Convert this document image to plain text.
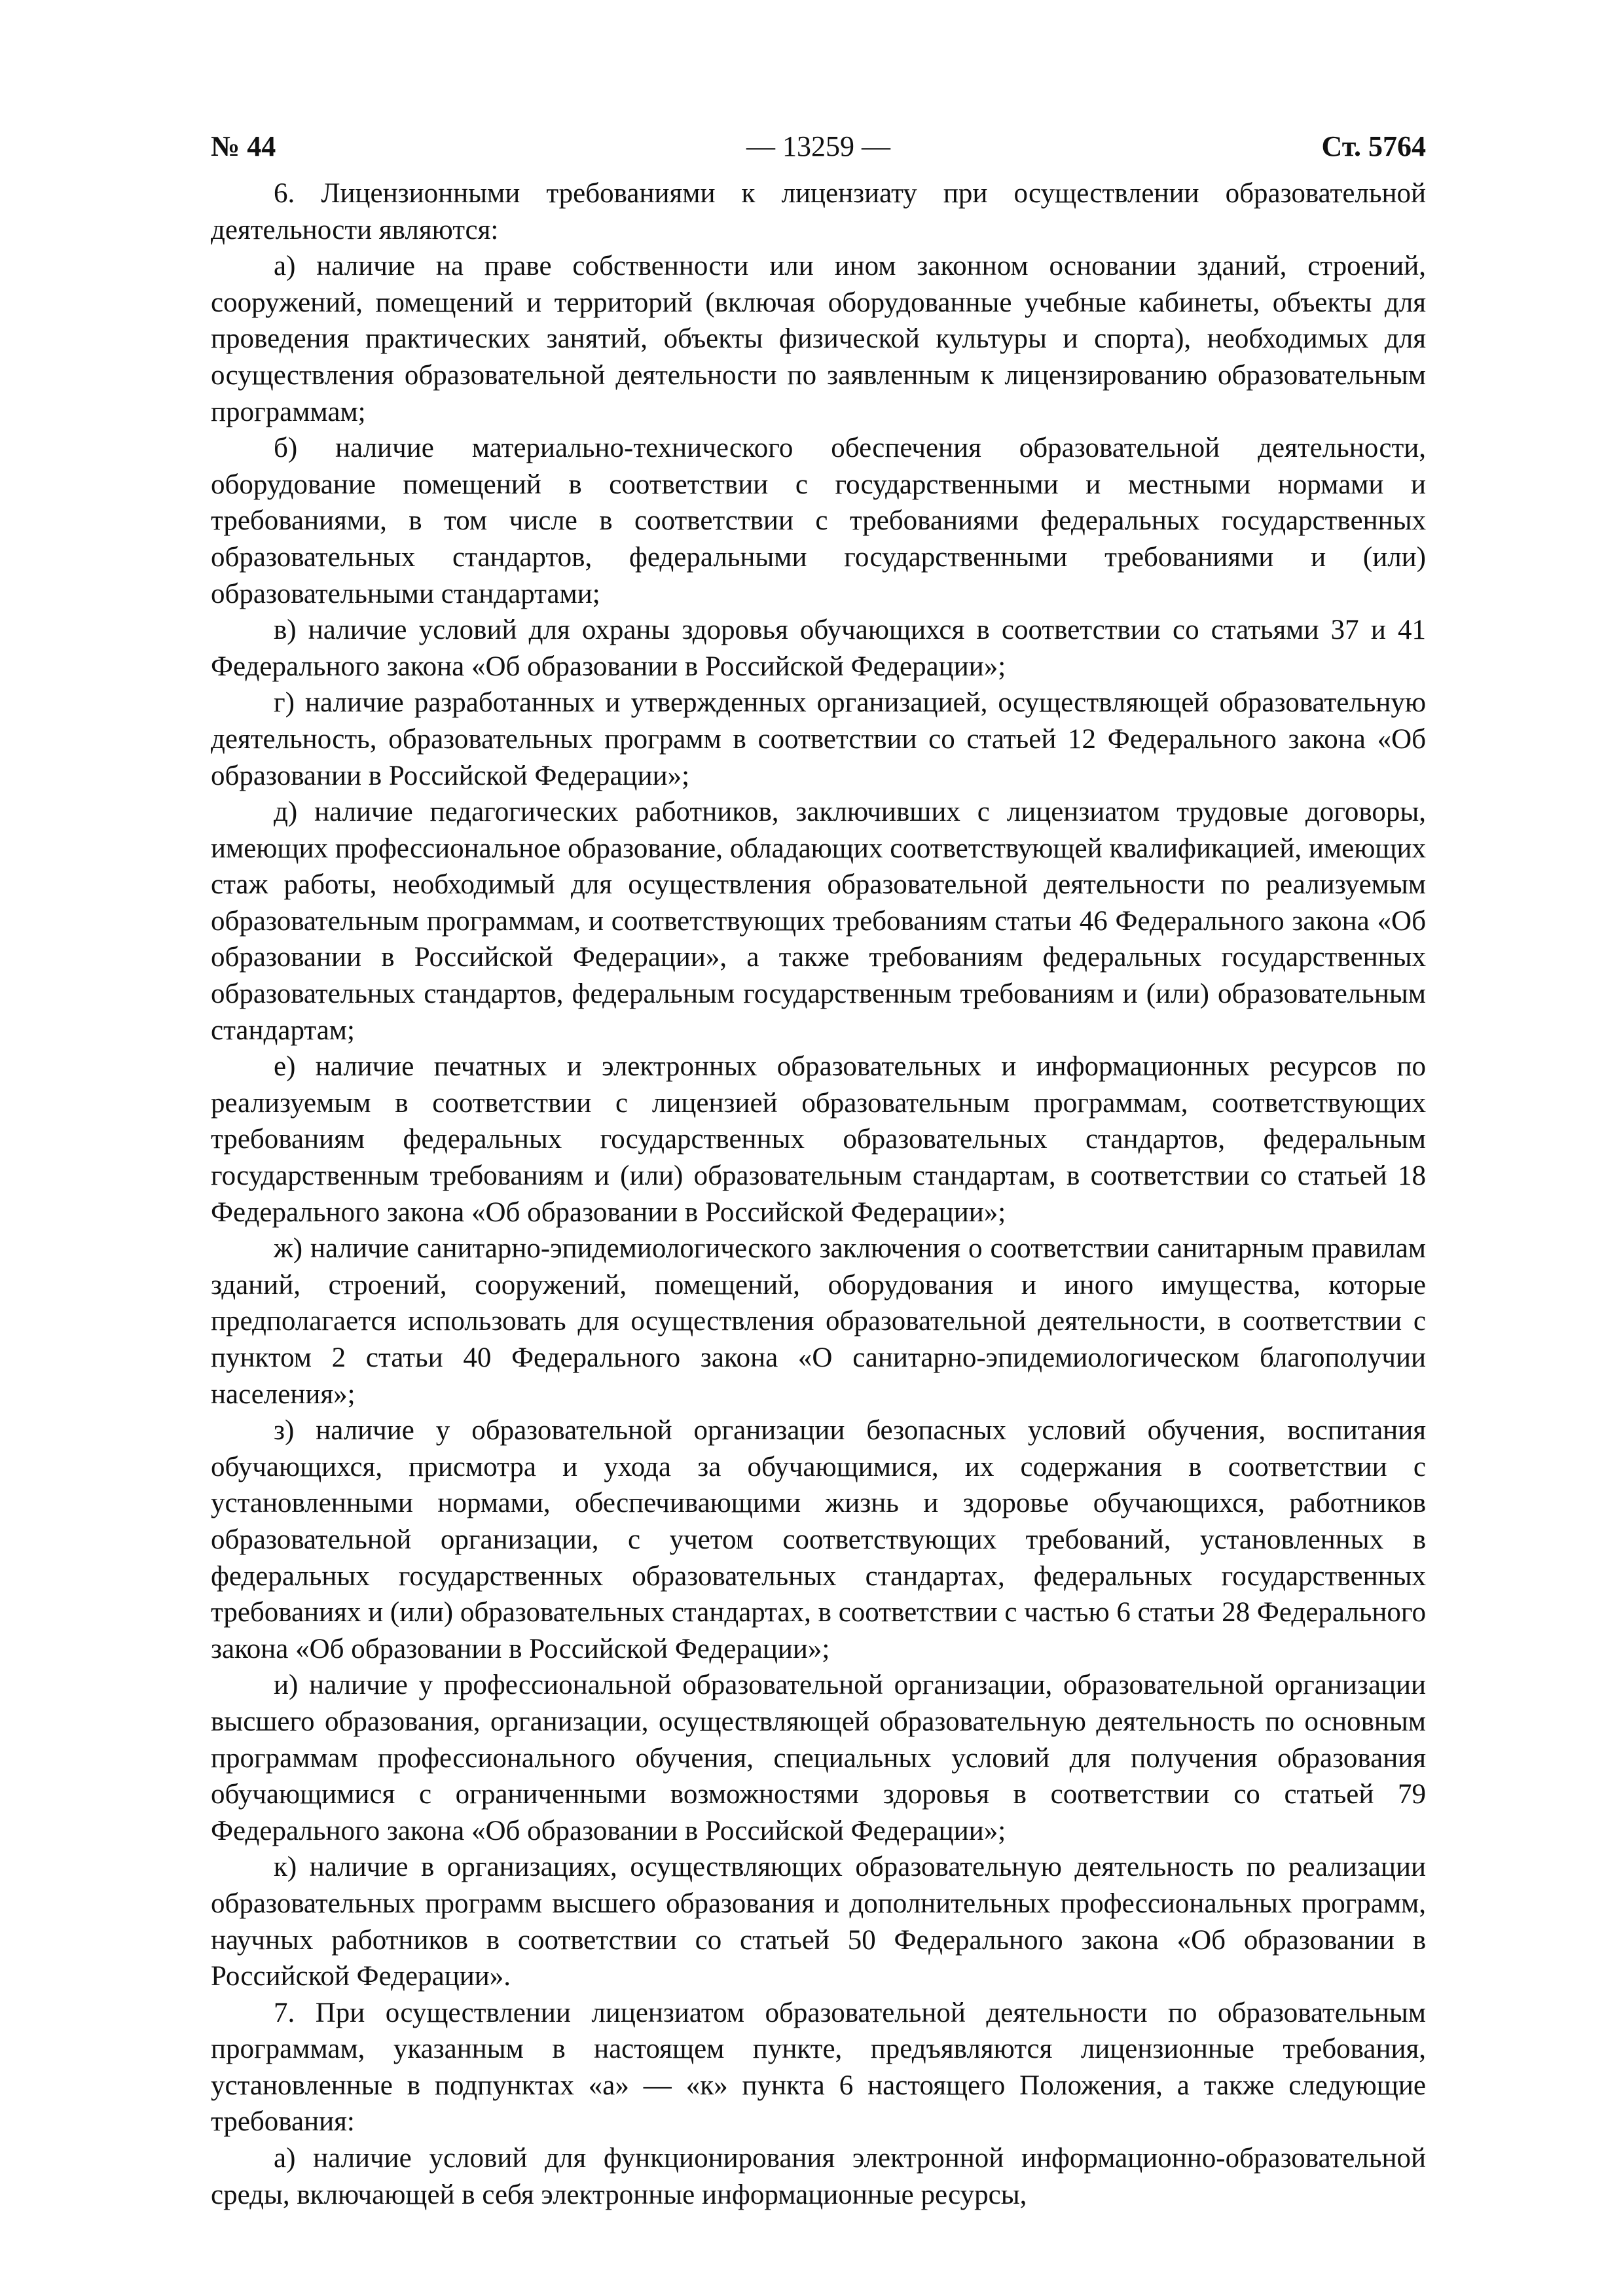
№ 44	— 13259 —	Ст. 5764

6. Лицензионными требованиями к лицензиату при осуществлении образовательной деятельности являются:

а) наличие на праве собственности или ином законном основании зданий, строений, сооружений, помещений и территорий (включая оборудованные учебные кабинеты, объекты для проведения практических занятий, объекты физической культуры и спорта), необходимых для осуществления образовательной деятельности по заявленным к лицензированию образовательным программам;

б) наличие материально-технического обеспечения образовательной деятельности, оборудование помещений в соответствии с государственными и местными нормами и требованиями, в том числе в соответствии с требованиями федеральных государственных образовательных стандартов, федеральными государственными требованиями и (или) образовательными стандартами;

в) наличие условий для охраны здоровья обучающихся в соответствии со статьями 37 и 41 Федерального закона «Об образовании в Российской Федерации»;

г) наличие разработанных и утвержденных организацией, осуществляющей образовательную деятельность, образовательных программ в соответствии со статьей 12 Федерального закона «Об образовании в Российской Федерации»;

д) наличие педагогических работников, заключивших с лицензиатом трудовые договоры, имеющих профессиональное образование, обладающих соответствующей квалификацией, имеющих стаж работы, необходимый для осуществления образовательной деятельности по реализуемым образовательным программам, и соответствующих требованиям статьи 46 Федерального закона «Об образовании в Российской Федерации», а также требованиям федеральных государственных образовательных стандартов, федеральным государственным требованиям и (или) образовательным стандартам;

е) наличие печатных и электронных образовательных и информационных ресурсов по реализуемым в соответствии с лицензией образовательным программам, соответствующих требованиям федеральных государственных образовательных стандартов, федеральным государственным требованиям и (или) образовательным стандартам, в соответствии со статьей 18 Федерального закона «Об образовании в Российской Федерации»;

ж) наличие санитарно-эпидемиологического заключения о соответствии санитарным правилам зданий, строений, сооружений, помещений, оборудования и иного имущества, которые предполагается использовать для осуществления образовательной деятельности, в соответствии с пунктом 2 статьи 40 Федерального закона «О санитарно-эпидемиологическом благополучии населения»;

з) наличие у образовательной организации безопасных условий обучения, воспитания обучающихся, присмотра и ухода за обучающимися, их содержания в соответствии с установленными нормами, обеспечивающими жизнь и здоровье обучающихся, работников образовательной организации, с учетом соответствующих требований, установленных в федеральных государственных образовательных стандартах, федеральных государственных требованиях и (или) образовательных стандартах, в соответствии с частью 6 статьи 28 Федерального закона «Об образовании в Российской Федерации»;

и) наличие у профессиональной образовательной организации, образовательной организации высшего образования, организации, осуществляющей образовательную деятельность по основным программам профессионального обучения, специальных условий для получения образования обучающимися с ограниченными возможностями здоровья в соответствии со статьей 79 Федерального закона «Об образовании в Российской Федерации»;

к) наличие в организациях, осуществляющих образовательную деятельность по реализации образовательных программ высшего образования и дополнительных профессиональных программ, научных работников в соответствии со статьей 50 Федерального закона «Об образовании в Российской Федерации».

7. При осуществлении лицензиатом образовательной деятельности по образовательным программам, указанным в настоящем пункте, предъявляются лицензионные требования, установленные в подпунктах «а» — «к» пункта 6 настоящего Положения, а также следующие требования:

а) наличие условий для функционирования электронной информационно-образовательной среды, включающей в себя электронные информационные ресурсы,
